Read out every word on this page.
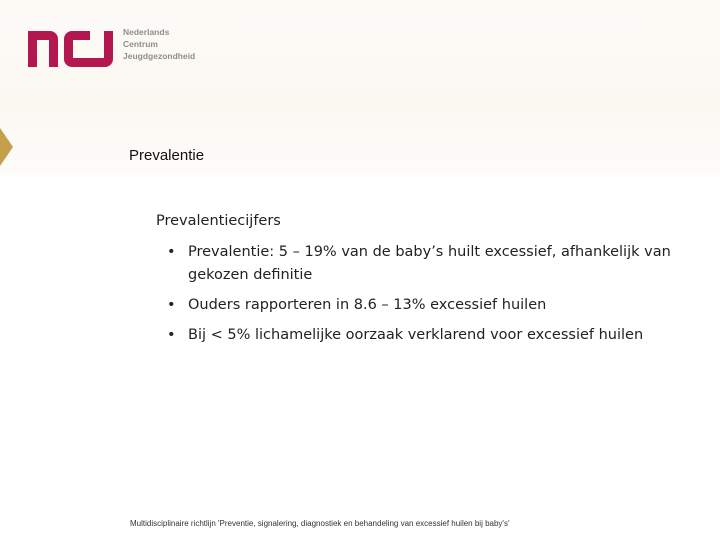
Nederlands
Centrum
Jeugdgezondheid
Prevalentie
Prevalentiecijfers
• Prevalentie: 5 – 19% van de baby’s huilt excessief, afhankelijk van gekozen definitie
• Ouders rapporteren in 8.6 – 13% excessief huilen
• Bij < 5% lichamelijke oorzaak verklarend voor excessief huilen
Multidisciplinaire richtlijn 'Preventie, signalering, diagnostiek en behandeling van excessief huilen bij baby's'
